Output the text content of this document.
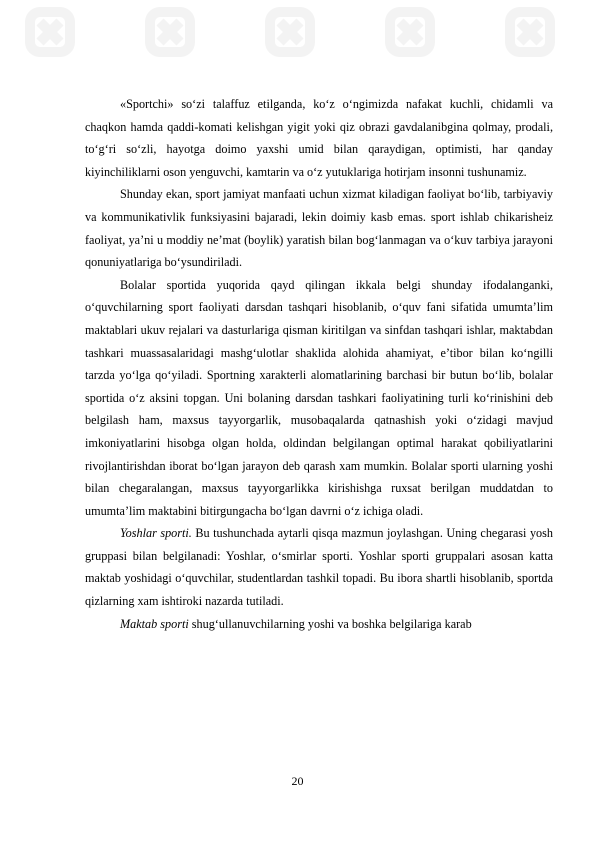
«Sportchi» so‘zi talaffuz etilganda, ko‘z o‘ngimizda nafakat kuchli, chidamli va chaqkon hamda qaddi-komati kelishgan yigit yoki qiz obrazi gavdalanibgina qolmay, prodali, to‘g‘ri so‘zli, hayotga doimo yaxshi umid bilan qaraydigan, optimisti, har qanday kiyinchiliklarni oson yenguvchi, kamtarin va o‘z yutuklariga hotirjam insonni tushunamiz.

Shunday ekan, sport jamiyat manfaati uchun xizmat kiladigan faoliyat bo‘lib, tarbiyaviy va kommunikativlik funksiyasini bajaradi, lekin doimiy kasb emas. sport ishlab chikarisheiz faoliyat, ya’ni u moddiy ne’mat (boylik) yaratish bilan bog‘lanmagan va o‘kuv tarbiya jarayoni qonuniyatlariga bo‘ysundiriladi.

Bolalar sportida yuqorida qayd qilingan ikkala belgi shunday ifodalanganki, o‘quvchilarning sport faoliyati darsdan tashqari hisoblanib, o‘quv fani sifatida umumta’lim maktablari ukuv rejalari va dasturlariga qisman kiritilgan va sinfdan tashqari ishlar, maktabdan tashkari muassasalaridagi mashg‘ulotlar shaklida alohida ahamiyat, e’tibor bilan ko‘ngilli tarzda yo‘lga qo‘yiladi. Sportning xarakterli alomatlarining barchasi bir butun bo‘lib, bolalar sportida o‘z aksini topgan. Uni bolaning darsdan tashkari faoliyatining turli ko‘rinishini deb belgilash ham, maxsus tayyorgarlik, musobaqalarda qatnashish yoki o‘zidagi mavjud imkoniyatlarini hisobga olgan holda, oldindan belgilangan optimal harakat qobiliyatlarini rivojlantirishdan iborat bo‘lgan jarayon deb qarash xam mumkin. Bolalar sporti ularning yoshi bilan chegaralangan, maxsus tayyorgarlikka kirishishga ruxsat berilgan muddatdan to umumta’lim maktabini bitirgungacha bo‘lgan davrni o‘z ichiga oladi.

Yoshlar sporti. Bu tushunchada aytarli qisqa mazmun joylashgan. Uning chegarasi yosh gruppasi bilan belgilanadi: Yoshlar, o‘smirlar sporti. Yoshlar sporti gruppalari asosan katta maktab yoshidagi o‘quvchilar, studentlardan tashkil topadi. Bu ibora shartli hisoblanib, sportda qizlarning xam ishtiroki nazarda tutiladi.

Maktab sporti shug‘ullanuvchilarning yoshi va boshka belgilariga karab

20
